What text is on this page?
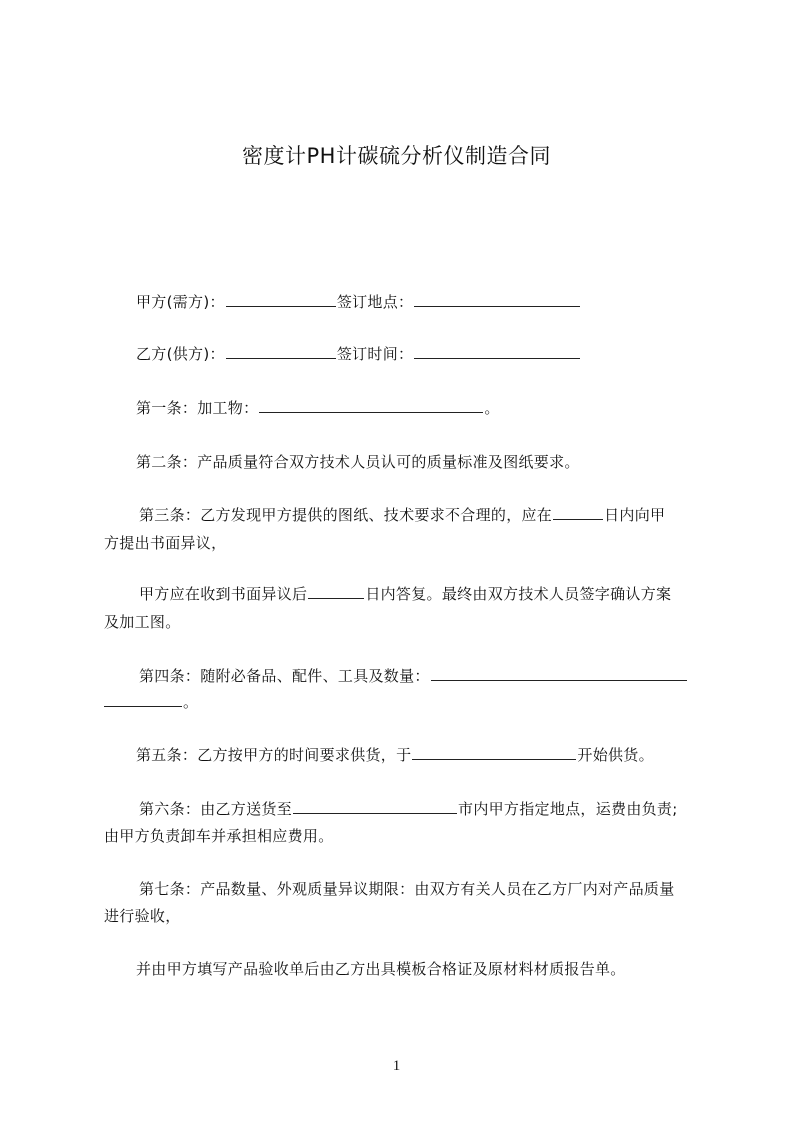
密度计PH计碳硫分析仪制造合同
甲方(需方)：	签订地点：
乙方(供方)：	签订时间：
第一条：加工物：	。
第二条：产品质量符合双方技术人员认可的质量标准及图纸要求。
第三条：乙方发现甲方提供的图纸、技术要求不合理的，应在	日内向甲
方提出书面异议，
甲方应在收到书面异议后	日内答复。最终由双方技术人员签字确认方案
及加工图。
第四条：随附必备品、配件、工具及数量：
。
第五条：乙方按甲方的时间要求供货，于	开始供货。
第六条：由乙方送货至	市内甲方指定地点，运费由负责;
由甲方负责卸车并承担相应费用。
第七条：产品数量、外观质量异议期限：由双方有关人员在乙方厂内对产品质量
进行验收，
并由甲方填写产品验收单后由乙方出具模板合格证及原材料材质报告单。
1
